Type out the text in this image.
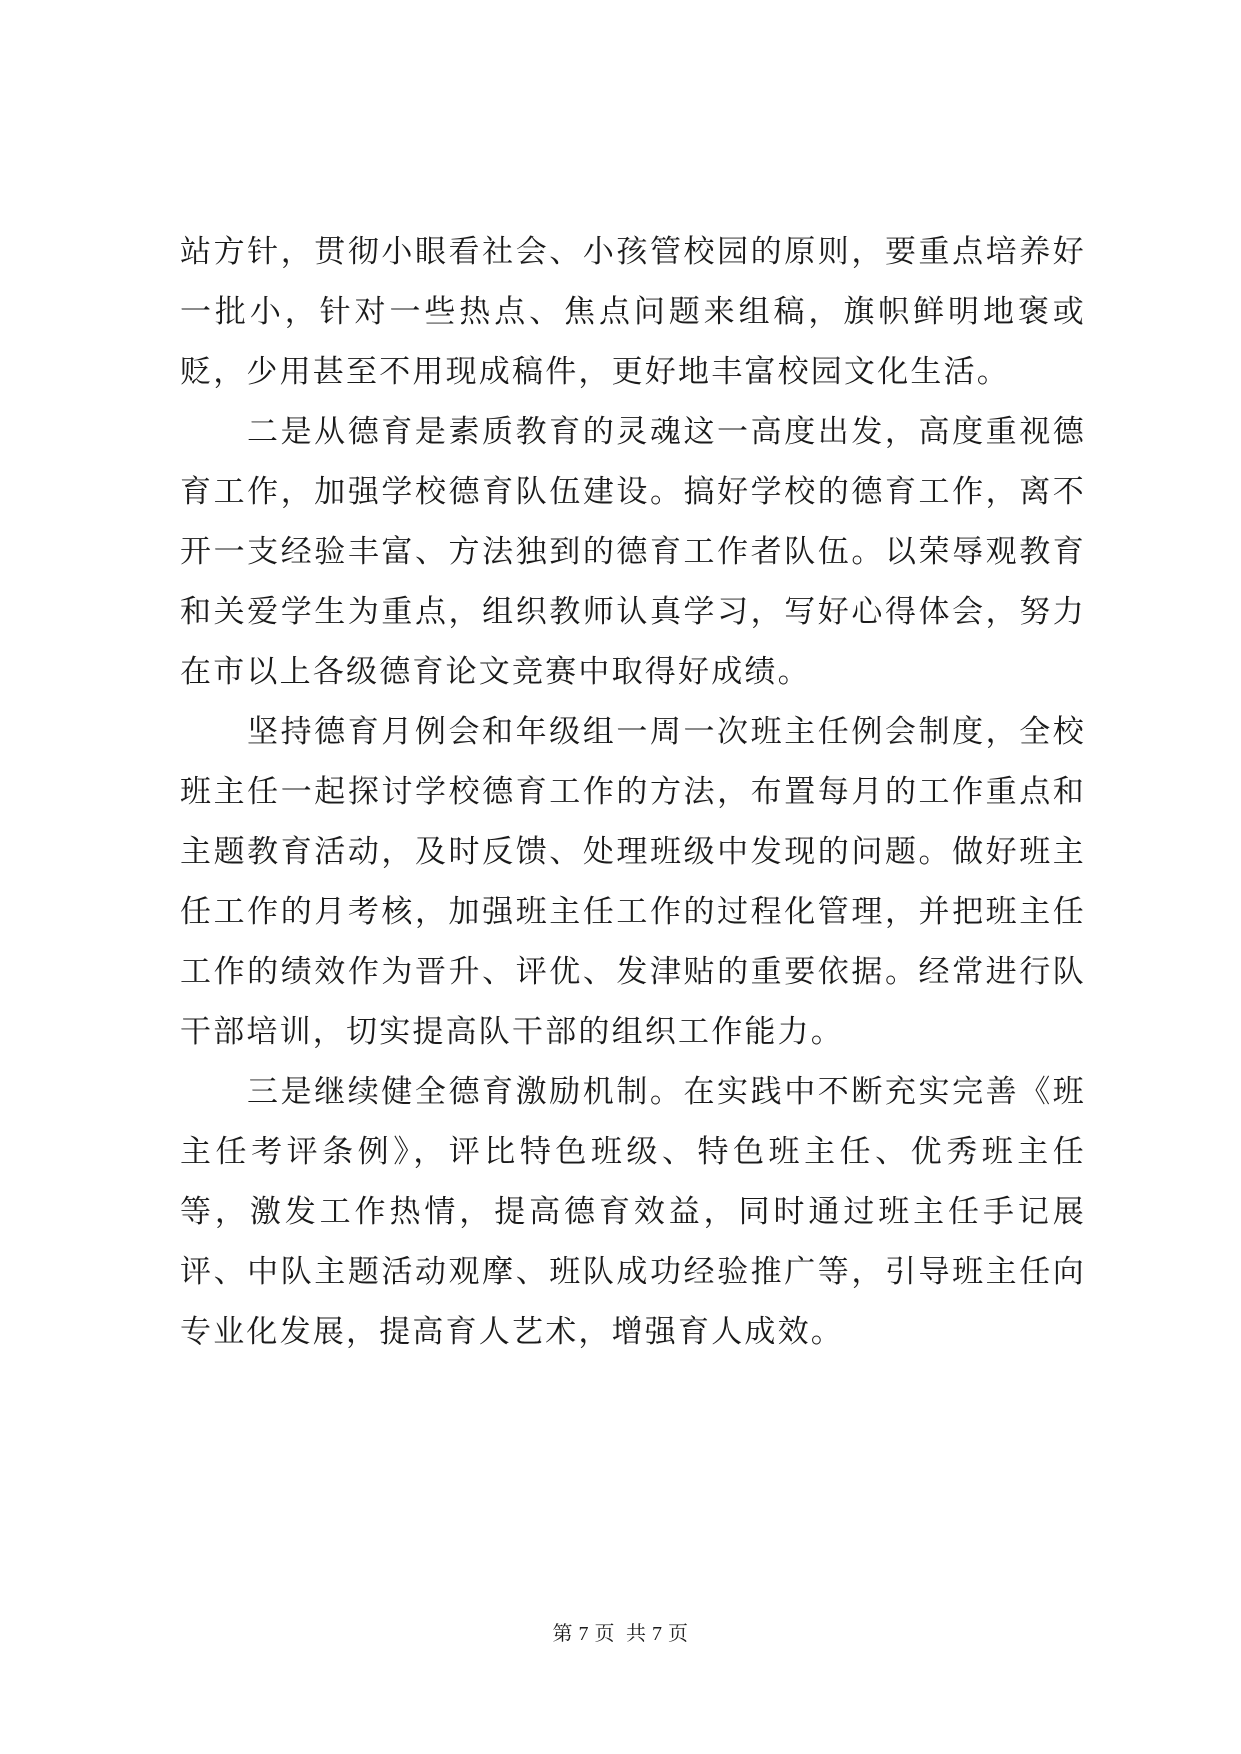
站方针，贯彻小眼看社会、小孩管校园的原则，要重点培养好一批小，针对一些热点、焦点问题来组稿，旗帜鲜明地褒或贬，少用甚至不用现成稿件，更好地丰富校园文化生活。

二是从德育是素质教育的灵魂这一高度出发，高度重视德育工作，加强学校德育队伍建设。搞好学校的德育工作，离不开一支经验丰富、方法独到的德育工作者队伍。以荣辱观教育和关爱学生为重点，组织教师认真学习，写好心得体会，努力在市以上各级德育论文竞赛中取得好成绩。

坚持德育月例会和年级组一周一次班主任例会制度，全校班主任一起探讨学校德育工作的方法，布置每月的工作重点和主题教育活动，及时反馈、处理班级中发现的问题。做好班主任工作的月考核，加强班主任工作的过程化管理，并把班主任工作的绩效作为晋升、评优、发津贴的重要依据。经常进行队干部培训，切实提高队干部的组织工作能力。

三是继续健全德育激励机制。在实践中不断充实完善《班主任考评条例》，评比特色班级、特色班主任、优秀班主任等，激发工作热情，提高德育效益，同时通过班主任手记展评、中队主题活动观摩、班队成功经验推广等，引导班主任向专业化发展，提高育人艺术，增强育人成效。

第 7 页  共 7 页
